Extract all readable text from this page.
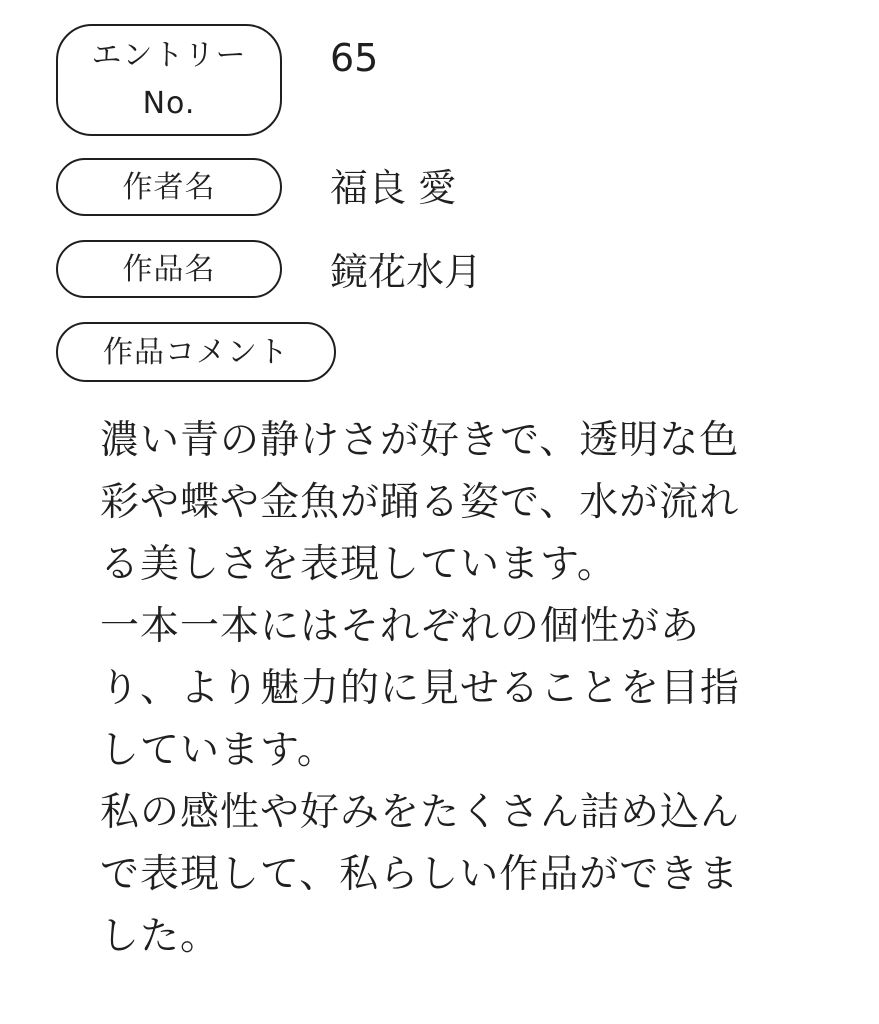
エントリー
No.
65
作者名	福良 愛
作品名	鏡花水月
作品コメント
濃い青の静けさが好きで、透明な色
彩や蝶や金魚が踊る姿で、水が流れ
る美しさを表現しています。
一本一本にはそれぞれの個性があ
り、より魅力的に見せることを目指
しています。
私の感性や好みをたくさん詰め込ん
で表現して、私らしい作品ができま
した。
